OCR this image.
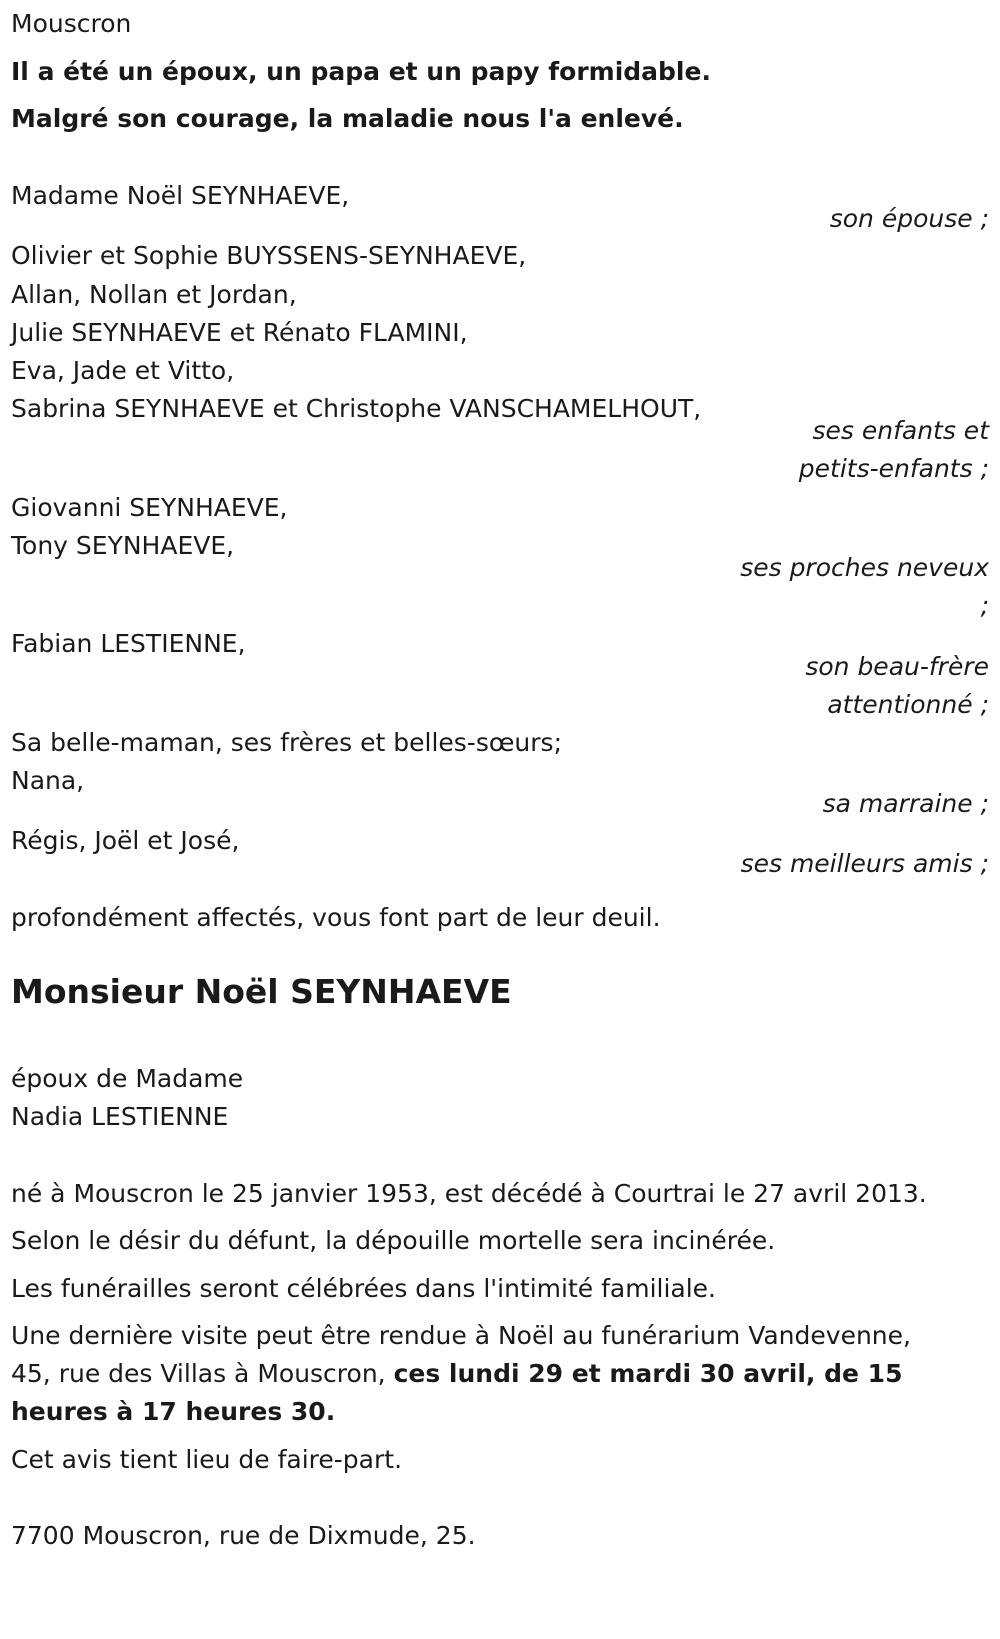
Mouscron
Il a été un époux, un papa et un papy formidable.
Malgré son courage, la maladie nous l'a enlevé.
Madame Noël SEYNHAEVE,
son épouse ;
Olivier et Sophie BUYSSENS-SEYNHAEVE,
Allan, Nollan et Jordan,
Julie SEYNHAEVE et Rénato FLAMINI,
Eva, Jade et Vitto,
Sabrina SEYNHAEVE et Christophe VANSCHAMELHOUT,
ses enfants et
petits-enfants ;
Giovanni SEYNHAEVE,
Tony SEYNHAEVE,
ses proches neveux
;
Fabian LESTIENNE,
son beau-frère
attentionné ;
Sa belle-maman, ses frères et belles-sœurs;
Nana,
sa marraine ;
Régis, Joël et José,
ses meilleurs amis ;
profondément affectés, vous font part de leur deuil.
Monsieur Noël SEYNHAEVE
époux de Madame
Nadia LESTIENNE
né à Mouscron le 25 janvier 1953, est décédé à Courtrai le 27 avril 2013.
Selon le désir du défunt, la dépouille mortelle sera incinérée.
Les funérailles seront célébrées dans l'intimité familiale.
Une dernière visite peut être rendue à Noël au funérarium Vandevenne,
45, rue des Villas à Mouscron, ces lundi 29 et mardi 30 avril, de 15
heures à 17 heures 30.
Cet avis tient lieu de faire-part.
7700 Mouscron, rue de Dixmude, 25.
